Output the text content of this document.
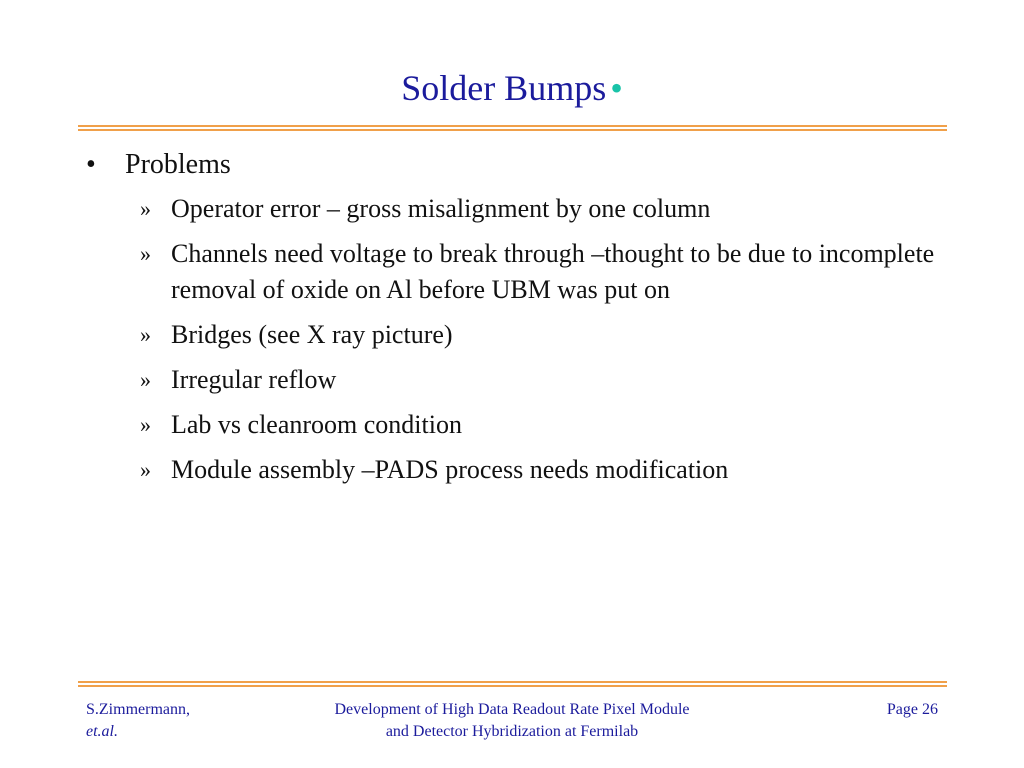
Solder Bumps •
• Problems
» Operator error – gross misalignment by one column
» Channels need voltage to break through –thought to be due to incomplete removal of oxide on Al before UBM was put on
» Bridges (see X ray picture)
» Irregular reflow
» Lab vs cleanroom condition
» Module assembly –PADS process needs modification
S.Zimmermann,
et.al.
Development of High Data Readout Rate Pixel Module
and Detector Hybridization at Fermilab
Page 26
